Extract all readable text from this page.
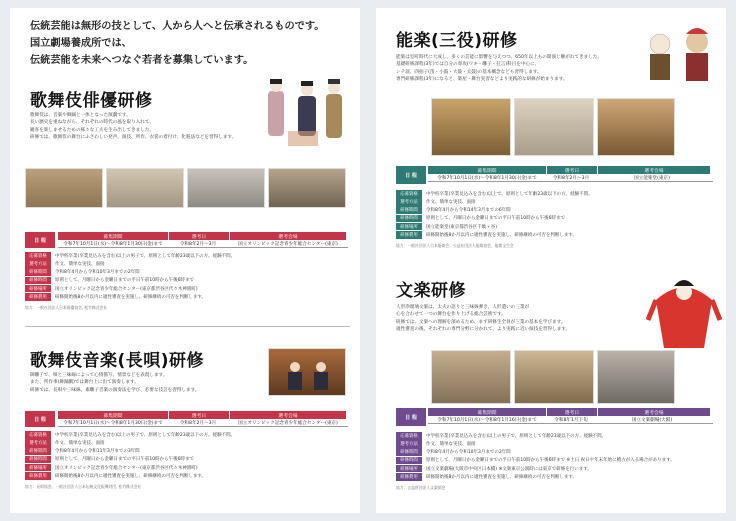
伝統芸能は無形の技として、人から人へと伝承されるものです。
国立劇場養成所では、
伝統芸能を未来へつなぐ若者を募集しています。
歌舞伎俳優研修
歌舞伎は、音楽や舞踊と一体となった演劇です。
長い歴史を重ねながら、それぞれの時代の風を取り入れて、
観客を楽しませるための様々な工夫を生み出してきました。
研修では、歌舞伎の舞台にふさわしい発声、演技、所作、衣裳の着付け、化粧法などを習得します。
日 程
募集期間	選考日	選考会場
令和7年10月1日(水)～令和8年1月30日(金)まで	令和8年2月～3月	国立オリンピック記念青少年総合センター(東京)
応募資格	中学校卒業(卒業見込みを含む)以上の男子で、原則として年齢23歳以下の方。経験不問。
選考方法	作文、簡単な実技、面接
研修期間	令和8年4月から令和10年3月までの2年間
研修時間	原則として、月曜日から金曜日までの平日午前10時から午後6時まで
研修場所	国立オリンピック記念青少年総合センター(東京都渋谷区代々木神園町)
研修費用	研修開始後8か月以内に適性審査を実施し、研修継続の可否を判断します。
協力：一般社団法人日本俳優協会, 松竹株式会社
歌舞伎音楽(長唄)研修
御囃子で、唄と三味線によって心情描写、情景などを表現します。
また、所作事(舞踊劇)では舞台上に出て演奏します。
研修では、長唄や三味線、素囃子音楽の演奏法を学び、必要な技芸を習得します。
日 程
募集期間	選考日	選考会場
令和7年10月1日(水)～令和8年1月30日(金)まで	令和8年2月～3月	国立オリンピック記念青少年総合センター(東京)
応募資格	中学校卒業(卒業見込みを含む)以上の男子で、原則として年齢23歳以下の方。経験不問。
選考方法	作文、簡単な実技、面接
研修期間	令和8年4月から令和11年3月までの3年間
研修時間	原則として、月曜日から金曜日までの平日午前10時から午後6時まで
研修場所	国立オリンピック記念青少年総合センター(東京都渋谷区代々木神園町)
研修費用	研修開始後8か月以内に適性審査を実施し、研修継続の可否を判断します。
協力：長唄協会、一般社団法人日本伝統文化振興財団, 松竹株式会社
能楽(三役)研修
能楽は室町時代に大成し、多くの芸能に影響を与えつつ、650年以上もの間演じ継がれてきました。
基礎研修課程(3年)では自分の専攻(ワキ・囃子・狂言)科目を中心に、
シテ謡、四拍子(笛・小鼓・大鼓・太鼓)の基本概念なども習得します。
専門研修課程(3年)になると、楽屋・舞台実習などより実践的な研修が始まります。
日 程
募集期間	選考日	選考会場
令和7年10月1日(水)～令和8年1月30日(金)まで	令和8年2月～3月	国立能楽堂(東京)
応募資格	中学校卒業(卒業見込みを含む)以上で、原則として年齢23歳以下の方。経験不問。
選考方法	作文、簡単な実技、面接
研修期間	令和8年4月から令和14年3月までの6年間
研修時間	原則として、月曜日から金曜日までの平日午前10時から午後6時まで
研修場所	国立能楽堂(東京都渋谷区千駄ヶ谷)
研修費用	研修開始後8か月以内に適性審査を実施し、研修継続の可否を判断します。
協力：一般社団法人日本能楽会、公益社団法人能楽協会、能楽宝生会
文楽研修
人形浄瑠璃文楽は、太夫の語りと三味線弾き、人形遣いの三業が
心を合わせて一つの舞台を作り上げる総合芸術です。
研修では、文楽への理解を深めるため、まず研修生全員が三業の基本を学びます。
適性審査の後、それぞれの専門分野に分かれて、より実践に近い演技を習得します。
日 程
募集期間	選考日	選考会場
令和7年10月1日(水)～令和8年1月16日(金)まで	令和8年1月下旬	国立文楽劇場(大阪)
応募資格	中学校卒業(卒業見込みを含む)以上の男子で、原則として年齢23歳以下の方。経験不問。
選考方法	作文、簡単な実技、面接
研修期間	令和8年4月から令和10年3月までの2年間
研修時間	原則として、月曜日から金曜日までの平日午前10時から午後6時まで ※土日 祝日や年末年始に稽古が入る場合があります。
研修場所	国立文楽劇場(大阪市中央区日本橋) ※文楽東京公演時には東京で研修を行います。
研修費用	研修開始後8か月以内に適性審査を実施し、研修継続の可否を判断します。
協力：公益財団法人文楽協会
